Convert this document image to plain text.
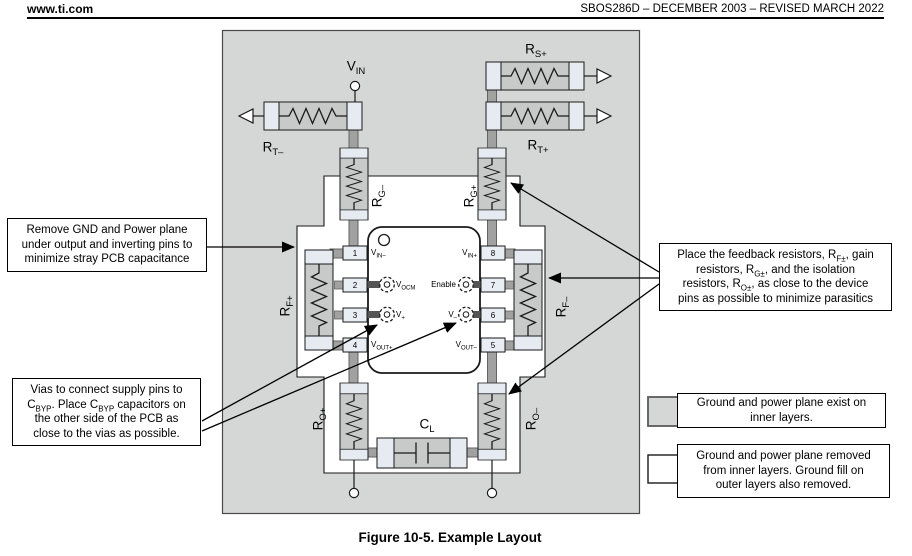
www.ti.com	SBOS286D – DECEMBER 2003 – REVISED MARCH 2022
$V_{IN}$
$R_{S+}$
$R_{T+}$
$R_{T-}$
$R_{G-}$
$R_{G+}$
$R_{F+}$
$R_{F-}$
$R_{O+}$
$R_{O-}$
$C_L$
$V_{IN-}$
$V_{OCM}$
$V_+$
$V_{OUT+}$
$V_{IN+}$
Enable
$V_-$
$V_{OUT-}$
1
2
3
4
8
7
6
5
Remove GND and Power plane
under output and inverting pins to
minimize stray PCB capacitance
Vias to connect supply pins to
$C_{BYP}$. Place $C_{BYP}$ capacitors on
the other side of the PCB as
close to the vias as possible.
Place the feedback resistors, $R_{F\pm}$, gain
resistors, $R_{G\pm}$, and the isolation
resistors, $R_{O\pm}$, as close to the device
pins as possible to minimize parasitics
Ground and power plane exist on
inner layers.
Ground and power plane removed
from inner layers. Ground fill on
outer layers also removed.
Figure 10-5. Example Layout
